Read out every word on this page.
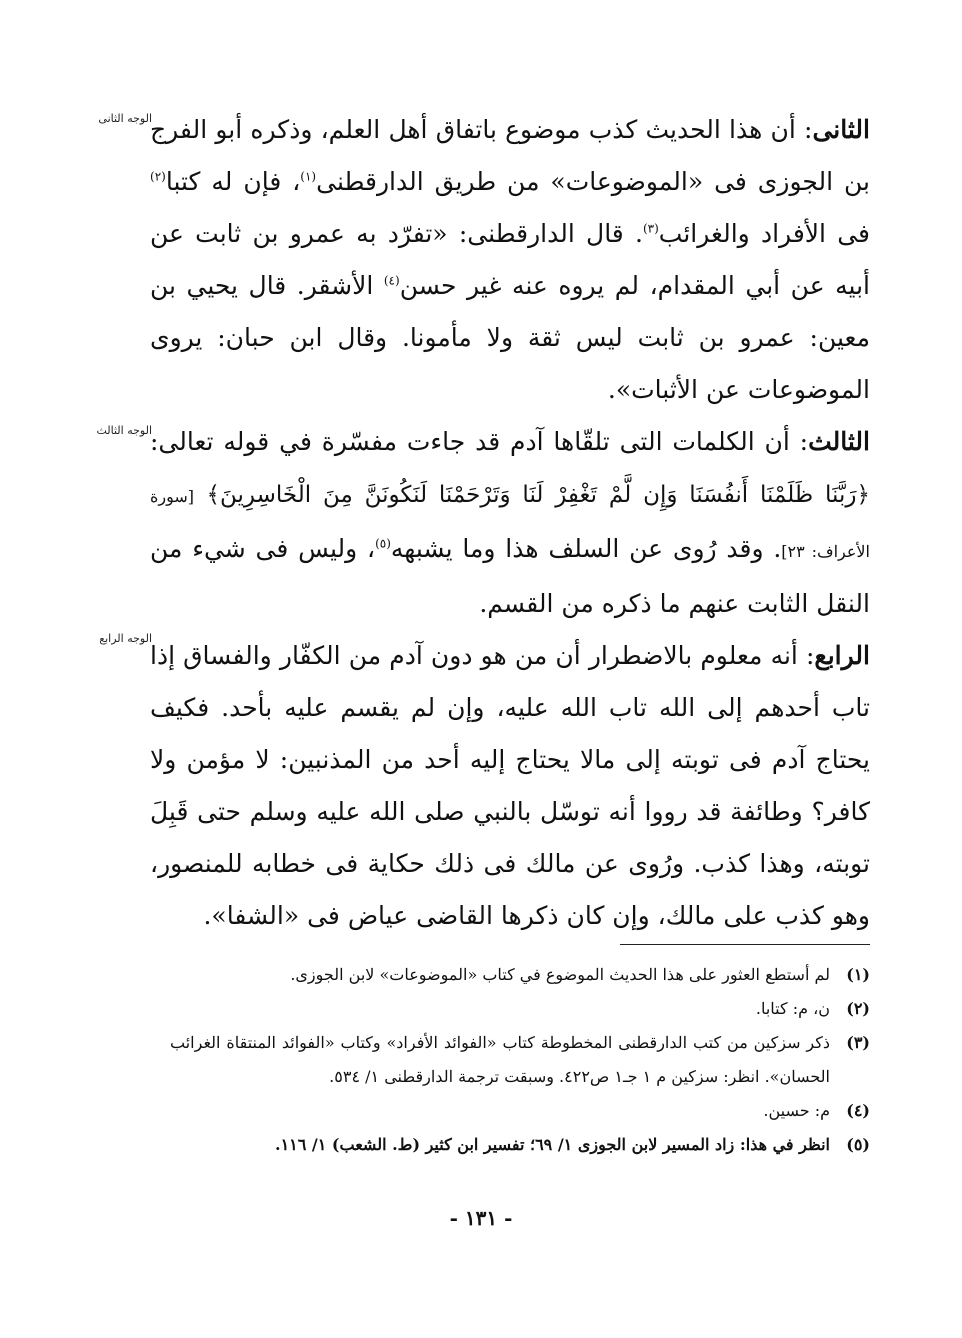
الوجه الثانى
الوجه الثالث
الوجه الرابع

الثانى: أن هذا الحديث كذب موضوع باتفاق أهل العلم، وذكره أبو الفرج بن الجوزى فى «الموضوعات» من طريق الدارقطنى$^{(١)}$، فإن له كتبا$^{(٢)}$ فى الأفراد والغرائب$^{(٣)}$. قال الدارقطنى: «تفرّد به عمرو بن ثابت عن أبيه عن أبي المقدام، لم يروه عنه غير حسن$^{(٤)}$ الأشقر. قال يحيي بن معين: عمرو بن ثابت ليس ثقة ولا مأمونا. وقال ابن حبان: يروى الموضوعات عن الأثبات».

الثالث: أن الكلمات التى تلقّاها آدم قد جاءت مفسّرة في قوله تعالى: ﴿رَبَّنَا ظَلَمْنَا أَنفُسَنَا وَإِن لَّمْ تَغْفِرْ لَنَا وَتَرْحَمْنَا لَنَكُونَنَّ مِنَ الْخَاسِرِينَ﴾ [سورة الأعراف: ٢٣]. وقد رُوى عن السلف هذا وما يشبهه$^{(٥)}$، وليس فى شيء من النقل الثابت عنهم ما ذكره من القسم.

الرابع: أنه معلوم بالاضطرار أن من هو دون آدم من الكفّار والفساق إذا تاب أحدهم إلى الله تاب الله عليه، وإن لم يقسم عليه بأحد. فكيف يحتاج آدم فى توبته إلى مالا يحتاج إليه أحد من المذنبين: لا مؤمن ولا كافر؟ وطائفة قد رووا أنه توسّل بالنبي صلى الله عليه وسلم حتى قَبِلَ توبته، وهذا كذب. ورُوى عن مالك فى ذلك حكاية فى خطابه للمنصور، وهو كذب على مالك، وإن كان ذكرها القاضى عياض فى «الشفا».

(١)
لم أستطع العثور على هذا الحديث الموضوع في كتاب «الموضوعات» لابن الجوزى.
(٢)
ن، م: كتابا.
(٣)
ذكر سزكين من كتب الدارقطنى المخطوطة كتاب «الفوائد الأفراد» وكتاب «الفوائد المنتقاة الغرائب الحسان». انظر: سزكين م ١ جـ١ ص٤٢٢. وسبقت ترجمة الدارقطنى ١/ ٥٣٤.
(٤)
م: حسين.
(٥)
انظر في هذا: زاد المسير لابن الجوزى ١/ ٦٩؛ تفسير ابن كثير (ط. الشعب) ١/ ١١٦.
- ١٣١ -
